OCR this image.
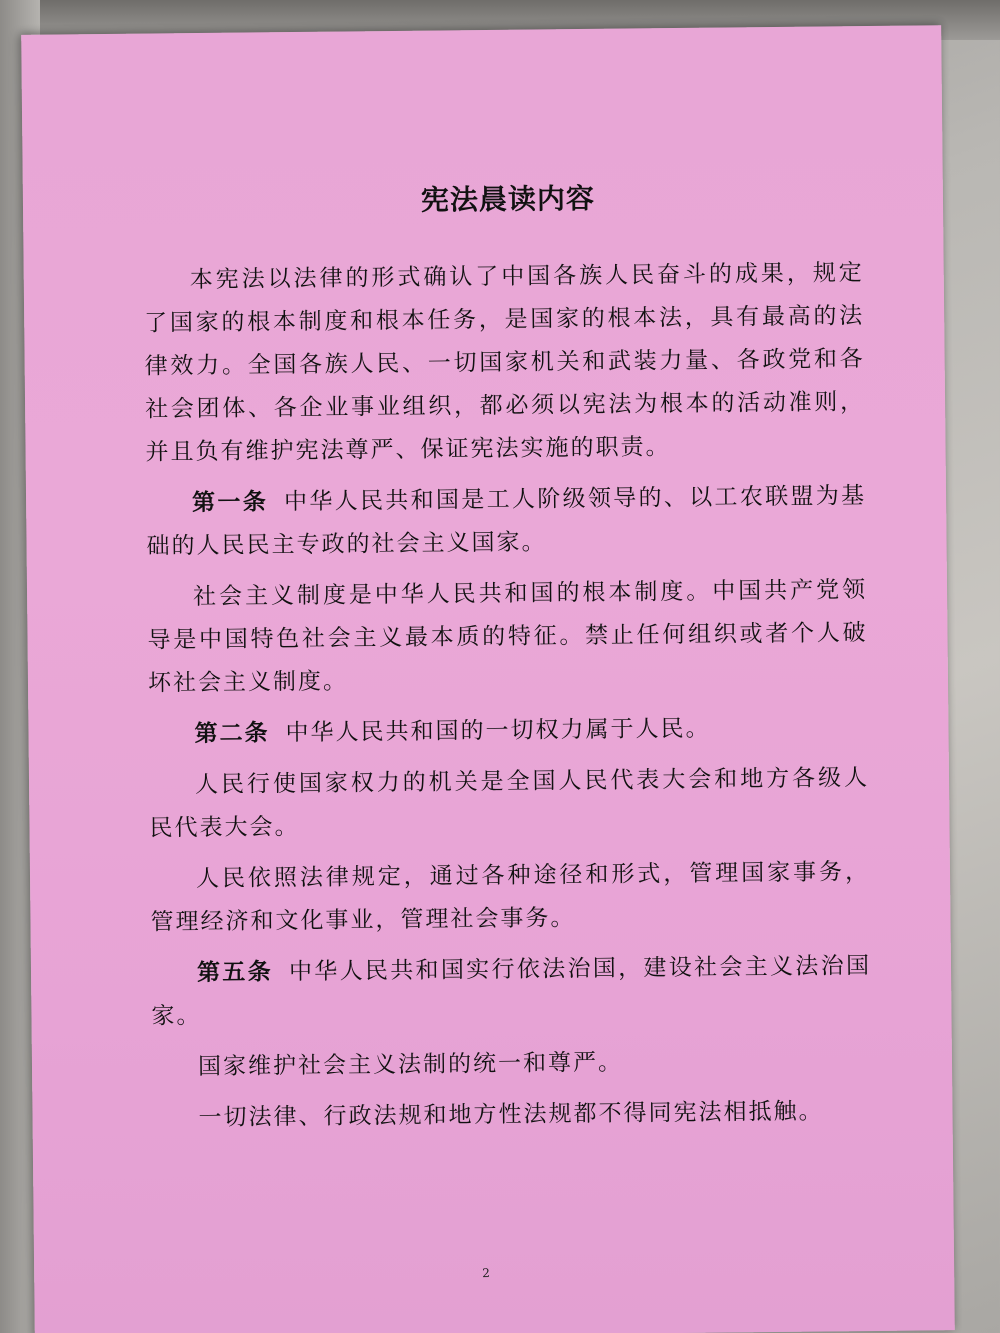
宪法晨读内容

本宪法以法律的形式确认了中国各族人民奋斗的成果，规定了国家的根本制度和根本任务，是国家的根本法，具有最高的法律效力。全国各族人民、一切国家机关和武装力量、各政党和各社会团体、各企业事业组织，都必须以宪法为根本的活动准则，并且负有维护宪法尊严、保证宪法实施的职责。

第一条 中华人民共和国是工人阶级领导的、以工农联盟为基础的人民民主专政的社会主义国家。

社会主义制度是中华人民共和国的根本制度。中国共产党领导是中国特色社会主义最本质的特征。禁止任何组织或者个人破坏社会主义制度。

第二条 中华人民共和国的一切权力属于人民。

人民行使国家权力的机关是全国人民代表大会和地方各级人民代表大会。

人民依照法律规定，通过各种途径和形式，管理国家事务，管理经济和文化事业，管理社会事务。

第五条 中华人民共和国实行依法治国，建设社会主义法治国家。

国家维护社会主义法制的统一和尊严。

一切法律、行政法规和地方性法规都不得同宪法相抵触。

2
